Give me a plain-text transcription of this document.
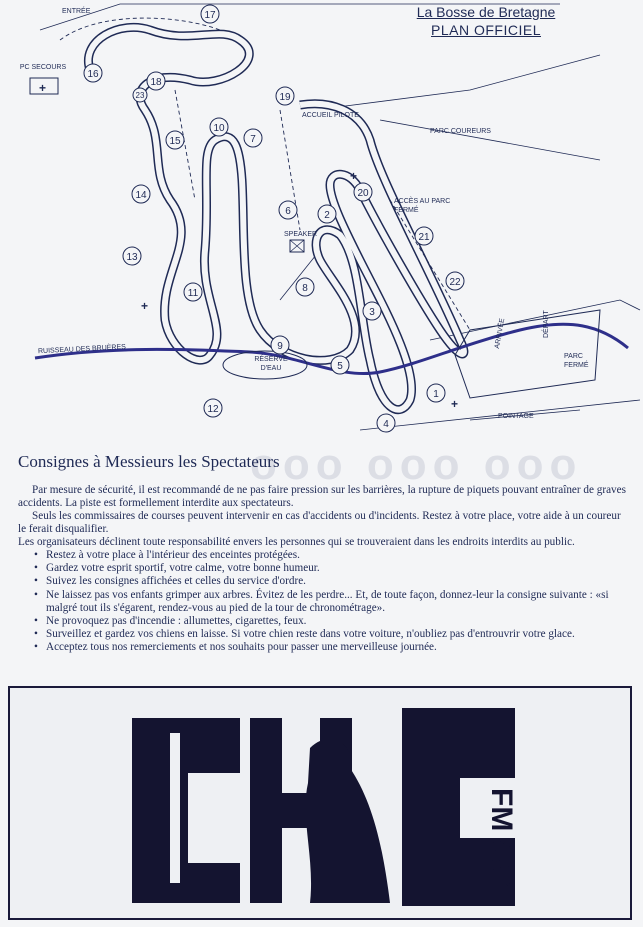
ooo ooo ooo
La Bosse de Bretagne
PLAN OFFICIEL
+
+
+
+
1
2
3
4
5
6
7
8
9
10
11
12
13
14
15
16
17
18
19
20
21
22
23
ENTRÉE
PC SECOURS
ACCUEIL PILOTE
PARC COUREURS
ACCÈS AU PARC FERMÉ
SPEAKER
RÉSERVE D'EAU
RUISSEAU DES BRUÈRES
ARRIVÉE	DÉPART
PARC FERMÉ
POINTAGE
Consignes à Messieurs les Spectateurs

Par mesure de sécurité, il est recommandé de ne pas faire pression sur les barrières, la rupture de piquets pouvant entraîner de graves accidents. La piste est formellement interdite aux spectateurs.

Seuls les commissaires de courses peuvent intervenir en cas d'accidents ou d'incidents. Restez à votre place, votre aide à un coureur le ferait disqualifier.

Les organisateurs déclinent toute responsabilité envers les personnes qui se trouveraient dans les endroits interdits au public.

• Restez à votre place à l'intérieur des enceintes protégées.
• Gardez votre esprit sportif, votre calme, votre bonne humeur.
• Suivez les consignes affichées et celles du service d'ordre.
• Ne laissez pas vos enfants grimper aux arbres. Évitez de les perdre... Et, de toute façon, donnez-leur la consigne suivante : «si malgré tout ils s'égarent, rendez-vous au pied de la tour de chronométrage».
• Ne provoquez pas d'incendie : allumettes, cigarettes, feux.
• Surveillez et gardez vos chiens en laisse. Si votre chien reste dans votre voiture, n'oubliez pas d'entrouvrir votre glace.
• Acceptez tous nos remerciements et nos souhaits pour passer une merveilleuse journée.
FM 89.1
